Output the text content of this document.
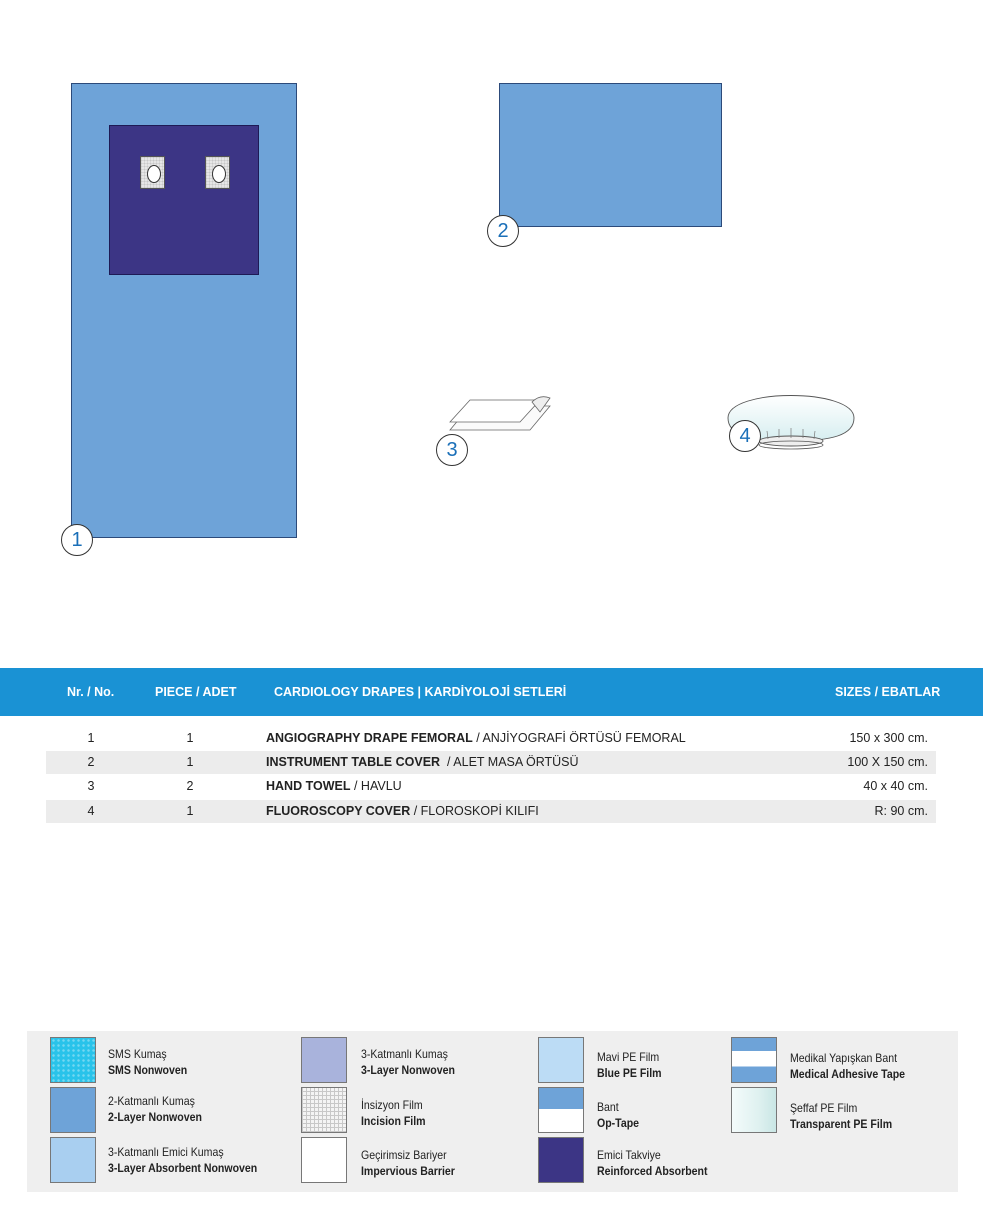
1
2
3
4
Nr. / No.	PIECE / ADET	CARDIOLOGY DRAPES | KARDİYOLOJİ SETLERİ	SIZES / EBATLAR
1	1	ANGIOGRAPHY DRAPE FEMORAL / ANJİYOGRAFİ ÖRTÜSÜ FEMORAL	150 x 300 cm.
2	1	INSTRUMENT TABLE COVER  / ALET MASA ÖRTÜSÜ	100 X 150 cm.
3	2	HAND TOWEL / HAVLU	40 x 40 cm.
4	1	FLUOROSCOPY COVER / FLOROSKOPİ KILIFI	R: 90 cm.
SMS Kumaş
SMS Nonwoven
2-Katmanlı Kumaş
2-Layer Nonwoven
3-Katmanlı Emici Kumaş
3-Layer Absorbent Nonwoven
3-Katmanlı Kumaş
3-Layer Nonwoven
İnsizyon Film
Incision Film
Geçirimsiz Bariyer
Impervious Barrier
Mavi PE Film
Blue PE Film
Bant
Op-Tape
Emici Takviye
Reinforced Absorbent
Medikal Yapışkan Bant
Medical Adhesive Tape
Şeffaf PE Film
Transparent PE Film
